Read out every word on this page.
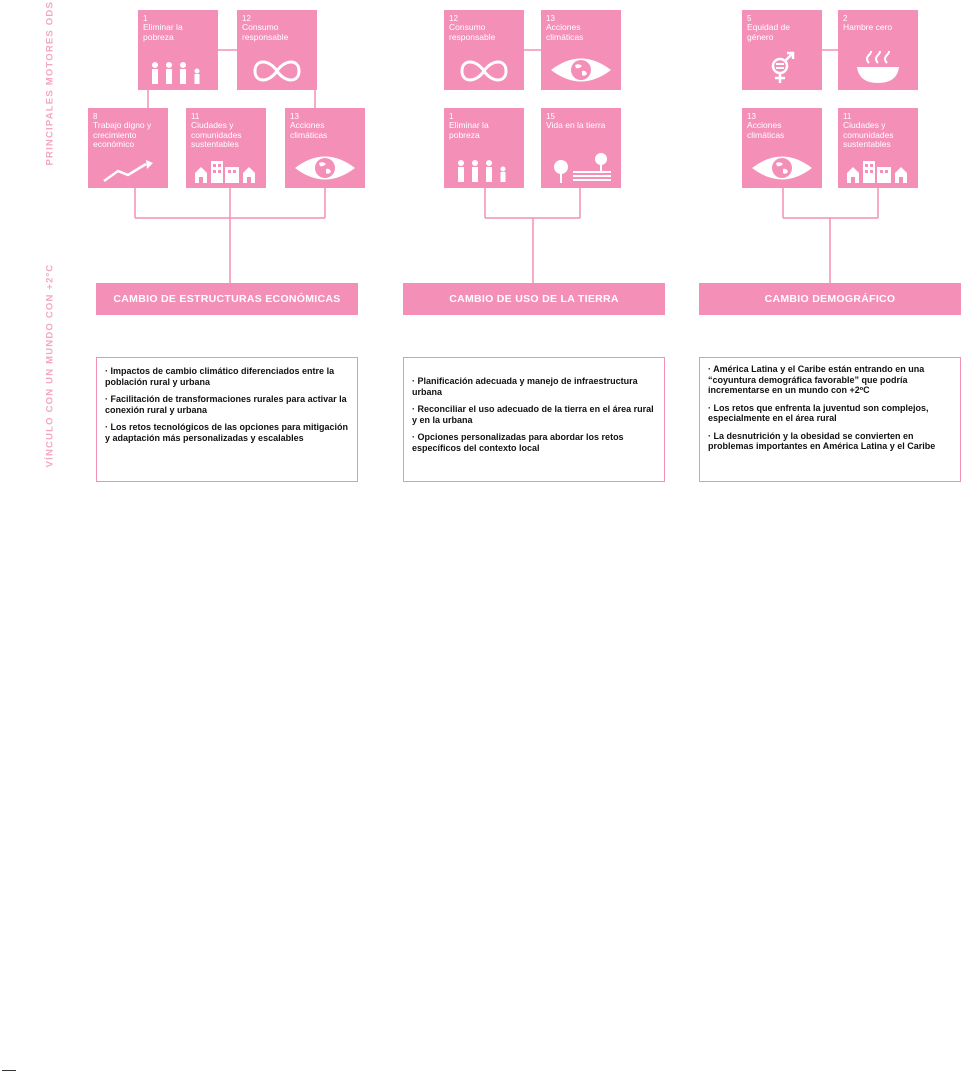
PRINCIPALES MOTORES ODS
VÍNCULO CON UN MUNDO CON +2ºC
1
Eliminar la pobreza
12
Consumo responsable
8
Trabajo digno y crecimiento económico
11
Ciudades y comunidades sustentables
13
Acciones climáticas
12
Consumo responsable
13
Acciones climáticas
1
Eliminar la pobreza
15
Vida en la tierra
5
Equidad de género
2
Hambre cero
13
Acciones climáticas
11
Ciudades y comunidades sustentables
CAMBIO DE ESTRUCTURAS ECONÓMICAS	CAMBIO DE USO DE LA TIERRA	CAMBIO DEMOGRÁFICO

· Impactos de cambio climático diferenciados entre la población rural y urbana

· Facilitación de transformaciones rurales para activar la conexión rural y urbana

· Los retos tecnológicos de las opciones para mitigación y adaptación más personalizadas y escalables

· Planificación adecuada y manejo de infraestructura urbana

· Reconciliar el uso adecuado de la tierra en el área rural y en la urbana

· Opciones personalizadas para abordar los retos específicos del contexto local

· América Latina y el Caribe están entrando en una “coyuntura demográfica favorable” que podría incrementarse en un mundo con +2ºC

· Los retos que enfrenta la juventud son complejos, especialmente en el área rural

· La desnutrición y la obesidad se convierten en problemas importantes en América Latina y el Caribe
